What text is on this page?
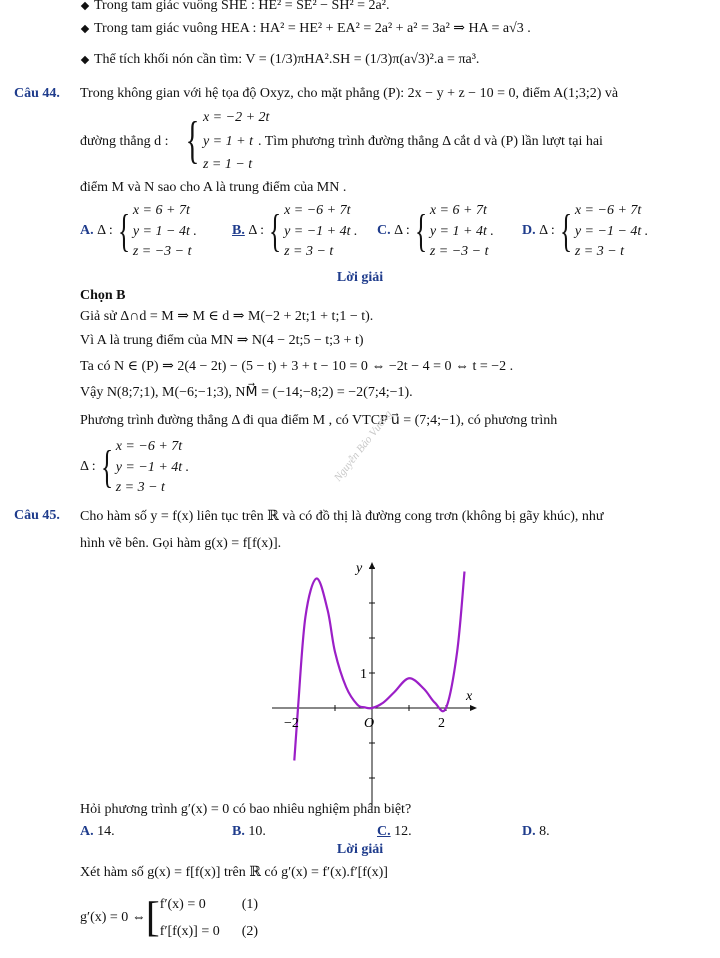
Trong tam giác vuông SHE : HE² = SE² − SH² = 2a².
Trong tam giác vuông HEA : HA² = HE² + EA² = 2a² + a² = 3a² ⇒ HA = a√3 .
Thể tích khối nón cần tìm: V = (1/3)πHA².SH = (1/3)π(a√3)².a = πa³.
Câu 44. Trong không gian với hệ tọa độ Oxyz, cho mặt phẳng (P): 2x − y + z − 10 = 0, điểm A(1;3;2) và
đường thẳng d : { x = −2 + 2t
y = 1 + t
z = 1 − t
. Tìm phương trình đường thẳng Δ cắt d và (P) lần lượt tại hai
điểm M và N sao cho A là trung điểm của MN .
A.
Δ : { x = 6 + 7t
y = 1 − 4t .
z = −3 − t
B.
Δ : { x = −6 + 7t
y = −1 + 4t .
z = 3 − t
C.
Δ : { x = 6 + 7t
y = 1 + 4t .
z = −3 − t
D.
Δ : { x = −6 + 7t
y = −1 − 4t .
z = 3 − t
Lời giải
Chọn B
Giả sử Δ∩d = M ⇒ M ∈ d ⇒ M(−2 + 2t;1 + t;1 − t).
Vì A là trung điểm của MN ⇒ N(4 − 2t;5 − t;3 + t)
Ta có N ∈ (P) ⇒ 2(4 − 2t) − (5 − t) + 3 + t − 10 = 0 ⇔ −2t − 4 = 0 ⇔ t = −2 .
Vậy N(8;7;1), M(−6;−1;3), NM⃗ = (−14;−8;2) = −2(7;4;−1).
Phương trình đường thẳng Δ đi qua điểm M , có VTCP u⃗ = (7;4;−1), có phương trình
Δ : { x = −6 + 7t
y = −1 + 4t .
z = 3 − t
Nguyễn Bảo Vương
Câu 45. Cho hàm số y = f(x) liên tục trên ℝ và có đồ thị là đường cong trơn (không bị gãy khúc), như
hình vẽ bên. Gọi hàm g(x) = f[f(x)].
x
y
−2	O	2
1
Hỏi phương trình g′(x) = 0 có bao nhiêu nghiệm phân biệt?
A. 14.	B. 10.	C. 12.	D. 8.
Lời giải
Xét hàm số g(x) = f[f(x)] trên ℝ có g′(x) = f′(x).f′[f(x)]
g′(x) = 0 ⇔ [ f′(x) = 0
f′[f(x)] = 0
(1)
(2)
